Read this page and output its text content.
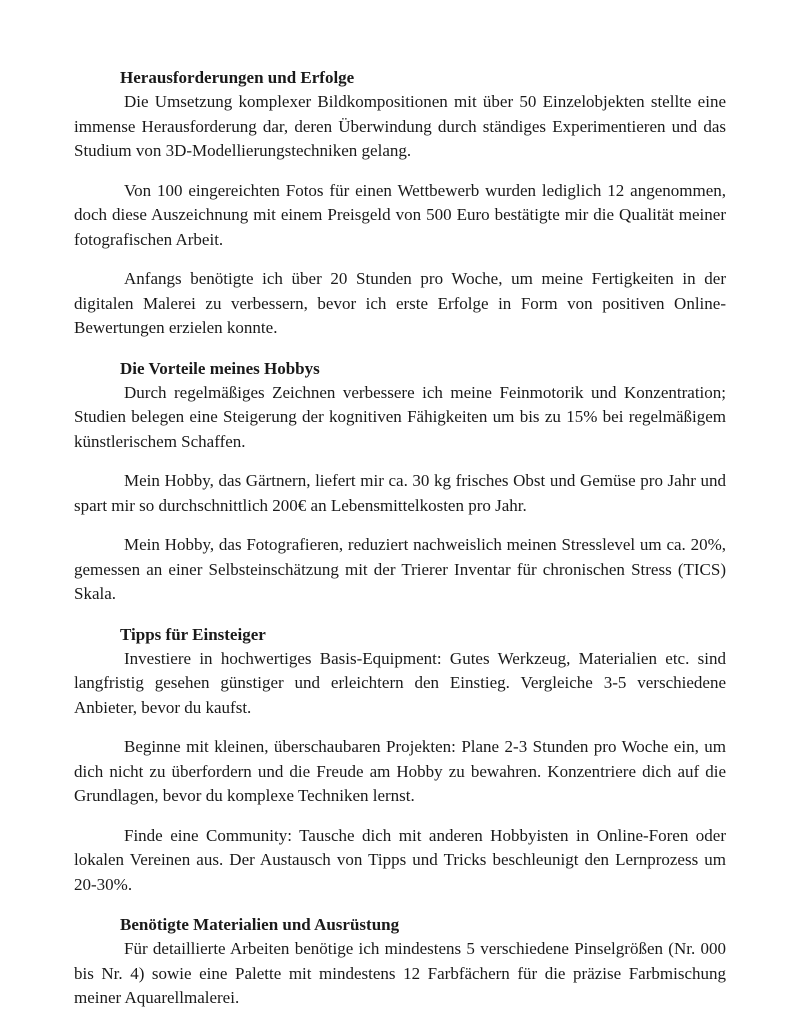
Herausforderungen und Erfolge

Die Umsetzung komplexer Bildkompositionen mit über 50 Einzelobjekten stellte eine immense Herausforderung dar, deren Überwindung durch ständiges Experimentieren und das Studium von 3D-Modellierungstechniken gelang.

Von 100 eingereichten Fotos für einen Wettbewerb wurden lediglich 12 angenommen, doch diese Auszeichnung mit einem Preisgeld von 500 Euro bestätigte mir die Qualität meiner fotografischen Arbeit.

Anfangs benötigte ich über 20 Stunden pro Woche, um meine Fertigkeiten in der digitalen Malerei zu verbessern, bevor ich erste Erfolge in Form von positiven Online-Bewertungen erzielen konnte.

Die Vorteile meines Hobbys

Durch regelmäßiges Zeichnen verbessere ich meine Feinmotorik und Konzentration; Studien belegen eine Steigerung der kognitiven Fähigkeiten um bis zu 15% bei regelmäßigem künstlerischem Schaffen.

Mein Hobby, das Gärtnern, liefert mir ca. 30 kg frisches Obst und Gemüse pro Jahr und spart mir so durchschnittlich 200€ an Lebensmittelkosten pro Jahr.

Mein Hobby, das Fotografieren, reduziert nachweislich meinen Stresslevel um ca. 20%, gemessen an einer Selbsteinschätzung mit der Trierer Inventar für chronischen Stress (TICS) Skala.

Tipps für Einsteiger

Investiere in hochwertiges Basis-Equipment: Gutes Werkzeug, Materialien etc. sind langfristig gesehen günstiger und erleichtern den Einstieg. Vergleiche 3-5 verschiedene Anbieter, bevor du kaufst.

Beginne mit kleinen, überschaubaren Projekten: Plane 2-3 Stunden pro Woche ein, um dich nicht zu überfordern und die Freude am Hobby zu bewahren. Konzentriere dich auf die Grundlagen, bevor du komplexe Techniken lernst.

Finde eine Community: Tausche dich mit anderen Hobbyisten in Online-Foren oder lokalen Vereinen aus. Der Austausch von Tipps und Tricks beschleunigt den Lernprozess um 20-30%.

Benötigte Materialien und Ausrüstung

Für detaillierte Arbeiten benötige ich mindestens 5 verschiedene Pinselgrößen (Nr. 000 bis Nr. 4) sowie eine Palette mit mindestens 12 Farbfächern für die präzise Farbmischung meiner Aquarellmalerei.
